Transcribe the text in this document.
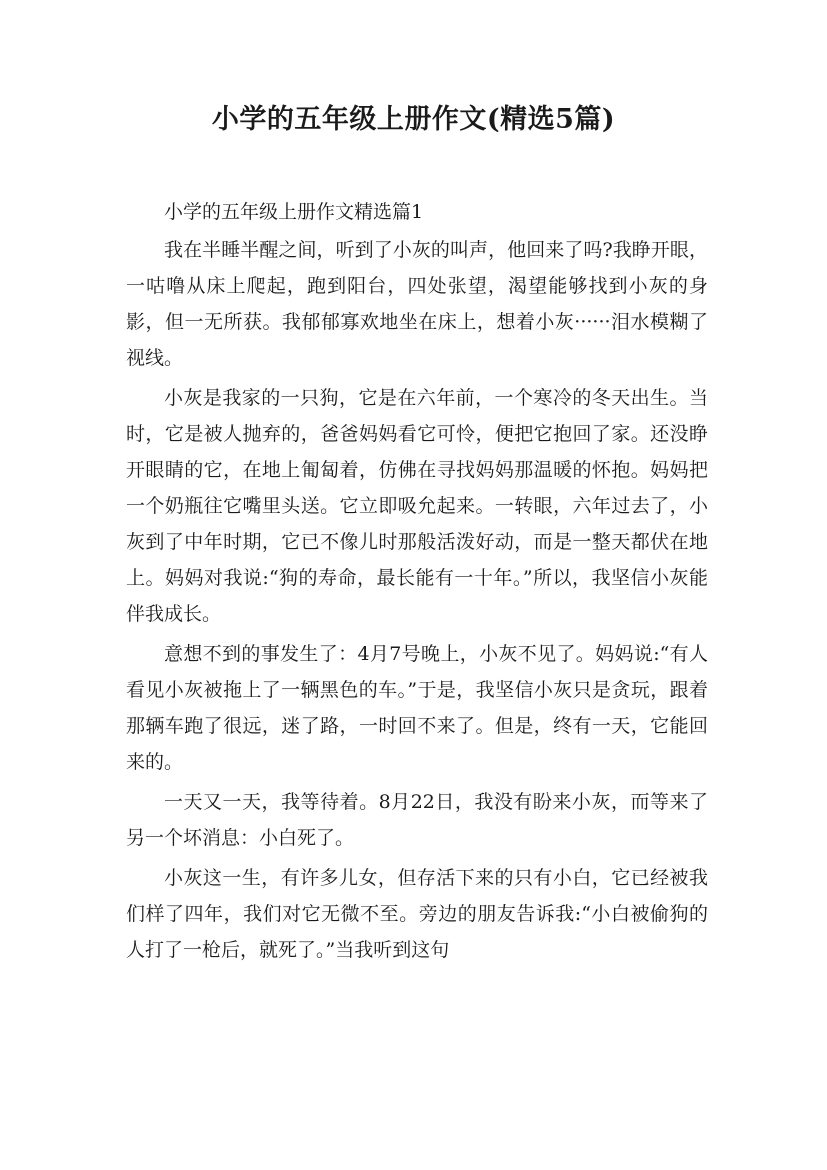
小学的五年级上册作文(精选5篇)

小学的五年级上册作文精选篇1

我在半睡半醒之间，听到了小灰的叫声，他回来了吗?我睁开眼，一咕噜从床上爬起，跑到阳台，四处张望，渴望能够找到小灰的身影，但一无所获。我郁郁寡欢地坐在床上，想着小灰······泪水模糊了视线。

小灰是我家的一只狗，它是在六年前，一个寒冷的冬天出生。当时，它是被人抛弃的，爸爸妈妈看它可怜，便把它抱回了家。还没睁开眼睛的它，在地上匍匐着，仿佛在寻找妈妈那温暖的怀抱。妈妈把一个奶瓶往它嘴里头送。它立即吸允起来。一转眼，六年过去了，小灰到了中年时期，它已不像儿时那般活泼好动，而是一整天都伏在地上。妈妈对我说:“狗的寿命，最长能有一十年。”所以，我坚信小灰能伴我成长。

意想不到的事发生了：4月7号晚上，小灰不见了。妈妈说:“有人看见小灰被拖上了一辆黑色的车。”于是，我坚信小灰只是贪玩，跟着那辆车跑了很远，迷了路，一时回不来了。但是，终有一天，它能回来的。

一天又一天，我等待着。8月22日，我没有盼来小灰，而等来了另一个坏消息：小白死了。

小灰这一生，有许多儿女，但存活下来的只有小白，它已经被我们样了四年，我们对它无微不至。旁边的朋友告诉我:“小白被偷狗的人打了一枪后，就死了。”当我听到这句
